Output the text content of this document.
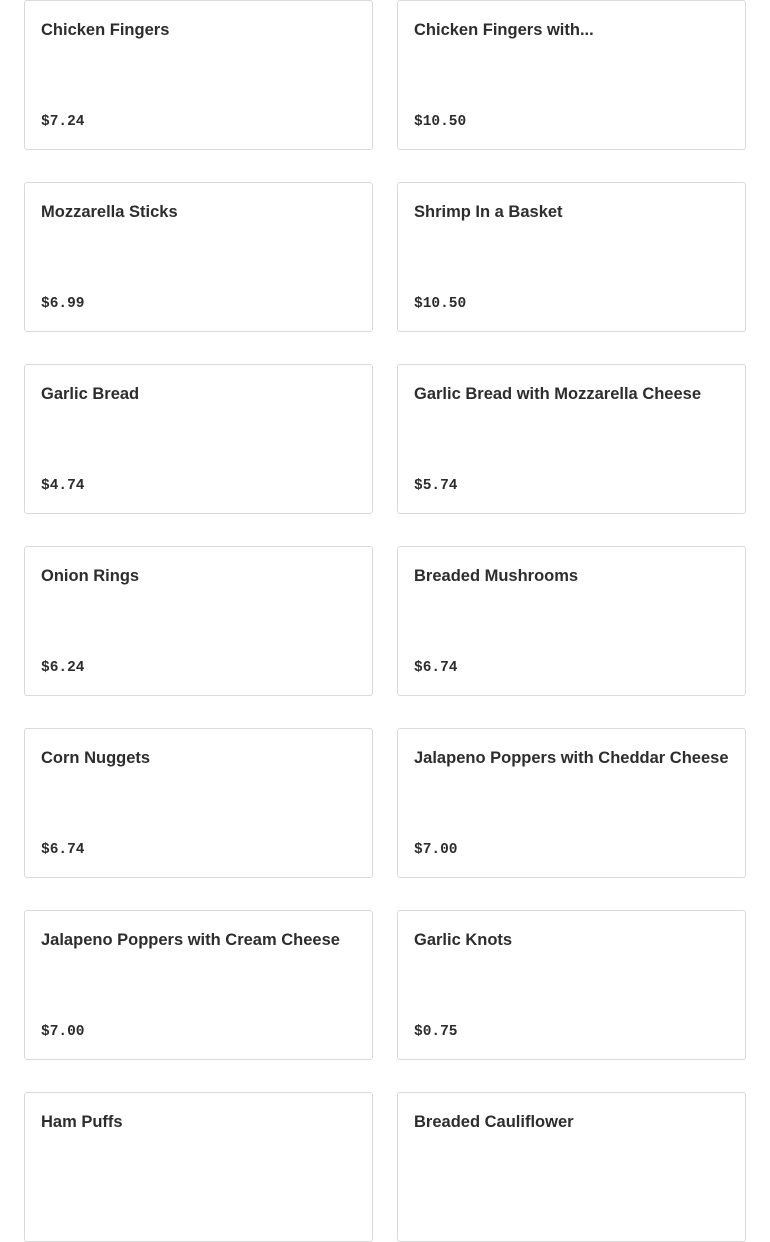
Chicken Fingers
$7.24
Chicken Fingers with...
$10.50
Mozzarella Sticks
$6.99
Shrimp In a Basket
$10.50
Garlic Bread
$4.74
Garlic Bread with Mozzarella Cheese
$5.74
Onion Rings
$6.24
Breaded Mushrooms
$6.74
Corn Nuggets
$6.74
Jalapeno Poppers with Cheddar Cheese
$7.00
Jalapeno Poppers with Cream Cheese
$7.00
Garlic Knots
$0.75
Ham Puffs	Breaded Cauliflower
